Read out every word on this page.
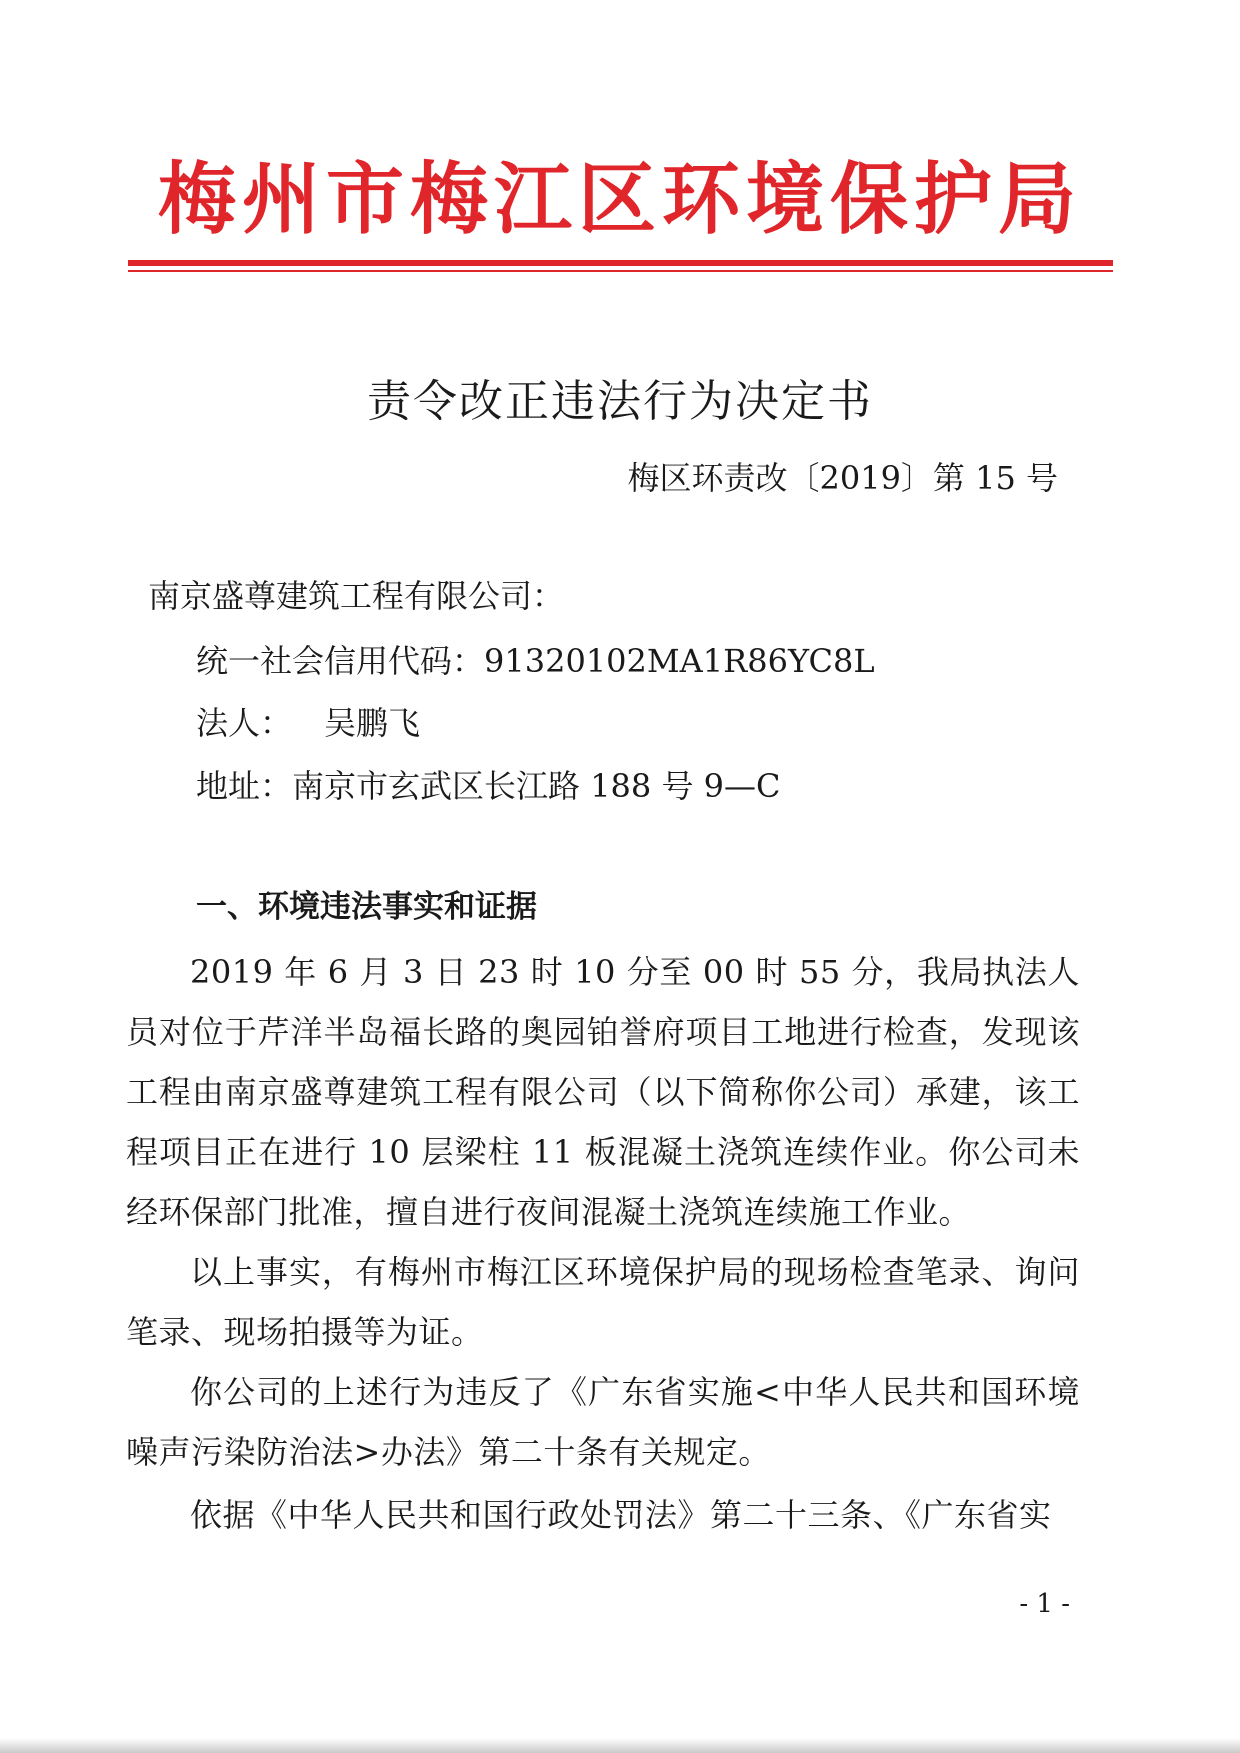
梅州市梅江区环境保护局
责令改正违法行为决定书
梅区环责改〔2019〕第 15 号
南京盛尊建筑工程有限公司：
统一社会信用代码：91320102MA1R86YC8L
法人： 吴鹏飞
地址：南京市玄武区长江路 188 号 9—C
一、环境违法事实和证据

2019 年 6 月 3 日 23 时 10 分至 00 时 55 分，我局执法人员对位于芹洋半岛福长路的奥园铂誉府项目工地进行检查，发现该工程由南京盛尊建筑工程有限公司（以下简称你公司）承建，该工程项目正在进行 10 层梁柱 11 板混凝土浇筑连续作业。你公司未经环保部门批准，擅自进行夜间混凝土浇筑连续施工作业。

以上事实，有梅州市梅江区环境保护局的现场检查笔录、询问笔录、现场拍摄等为证。

你公司的上述行为违反了《广东省实施<中华人民共和国环境噪声污染防治法>办法》第二十条有关规定。

依据《中华人民共和国行政处罚法》第二十三条、《广东省实

- 1 -
